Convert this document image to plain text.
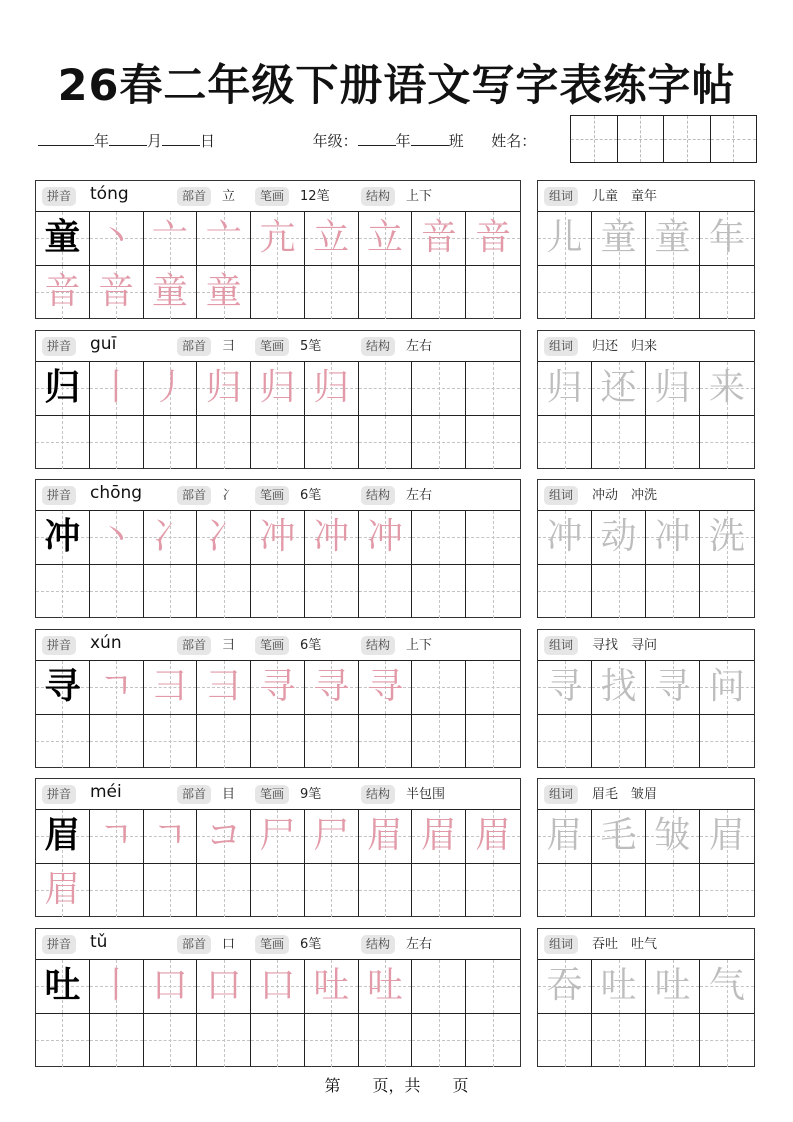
26春二年级下册语文写字表练字帖
年	月	日	年级：	年	班 姓名：
拼音 tóng	部首	立	笔画	12笔	结构	上下
童 丶 亠 亠 亢 立 立 音 音
音 音 童 童
组词	儿童　童年
儿 童 童 年
拼音 guī	部首	彐	笔画	5笔	结构	左右
归 丨 丿 归 归 归
组词	归还　归来
归 还 归 来
拼音 chōng	部首	冫	笔画	6笔	结构	左右
冲 丶 冫 冫 冲 冲 冲
组词	冲动　冲洗
冲 动 冲 洗
拼音 xún	部首	彐	笔画	6笔	结构	上下
寻 ㄱ 彐 彐 寻 寻 寻
组词	寻找　寻问
寻 找 寻 问
拼音 méi	部首	目	笔画	9笔	结构	半包围
眉 ㄱ ㄱ コ 尸 尸 眉 眉 眉
眉
组词	眉毛　皱眉
眉 毛 皱 眉
拼音 tǔ	部首	口	笔画	6笔	结构	左右
吐 丨 口 口 口 吐 吐
组词	吞吐　吐气
吞 吐 吐 气
第　　页，共　　页
